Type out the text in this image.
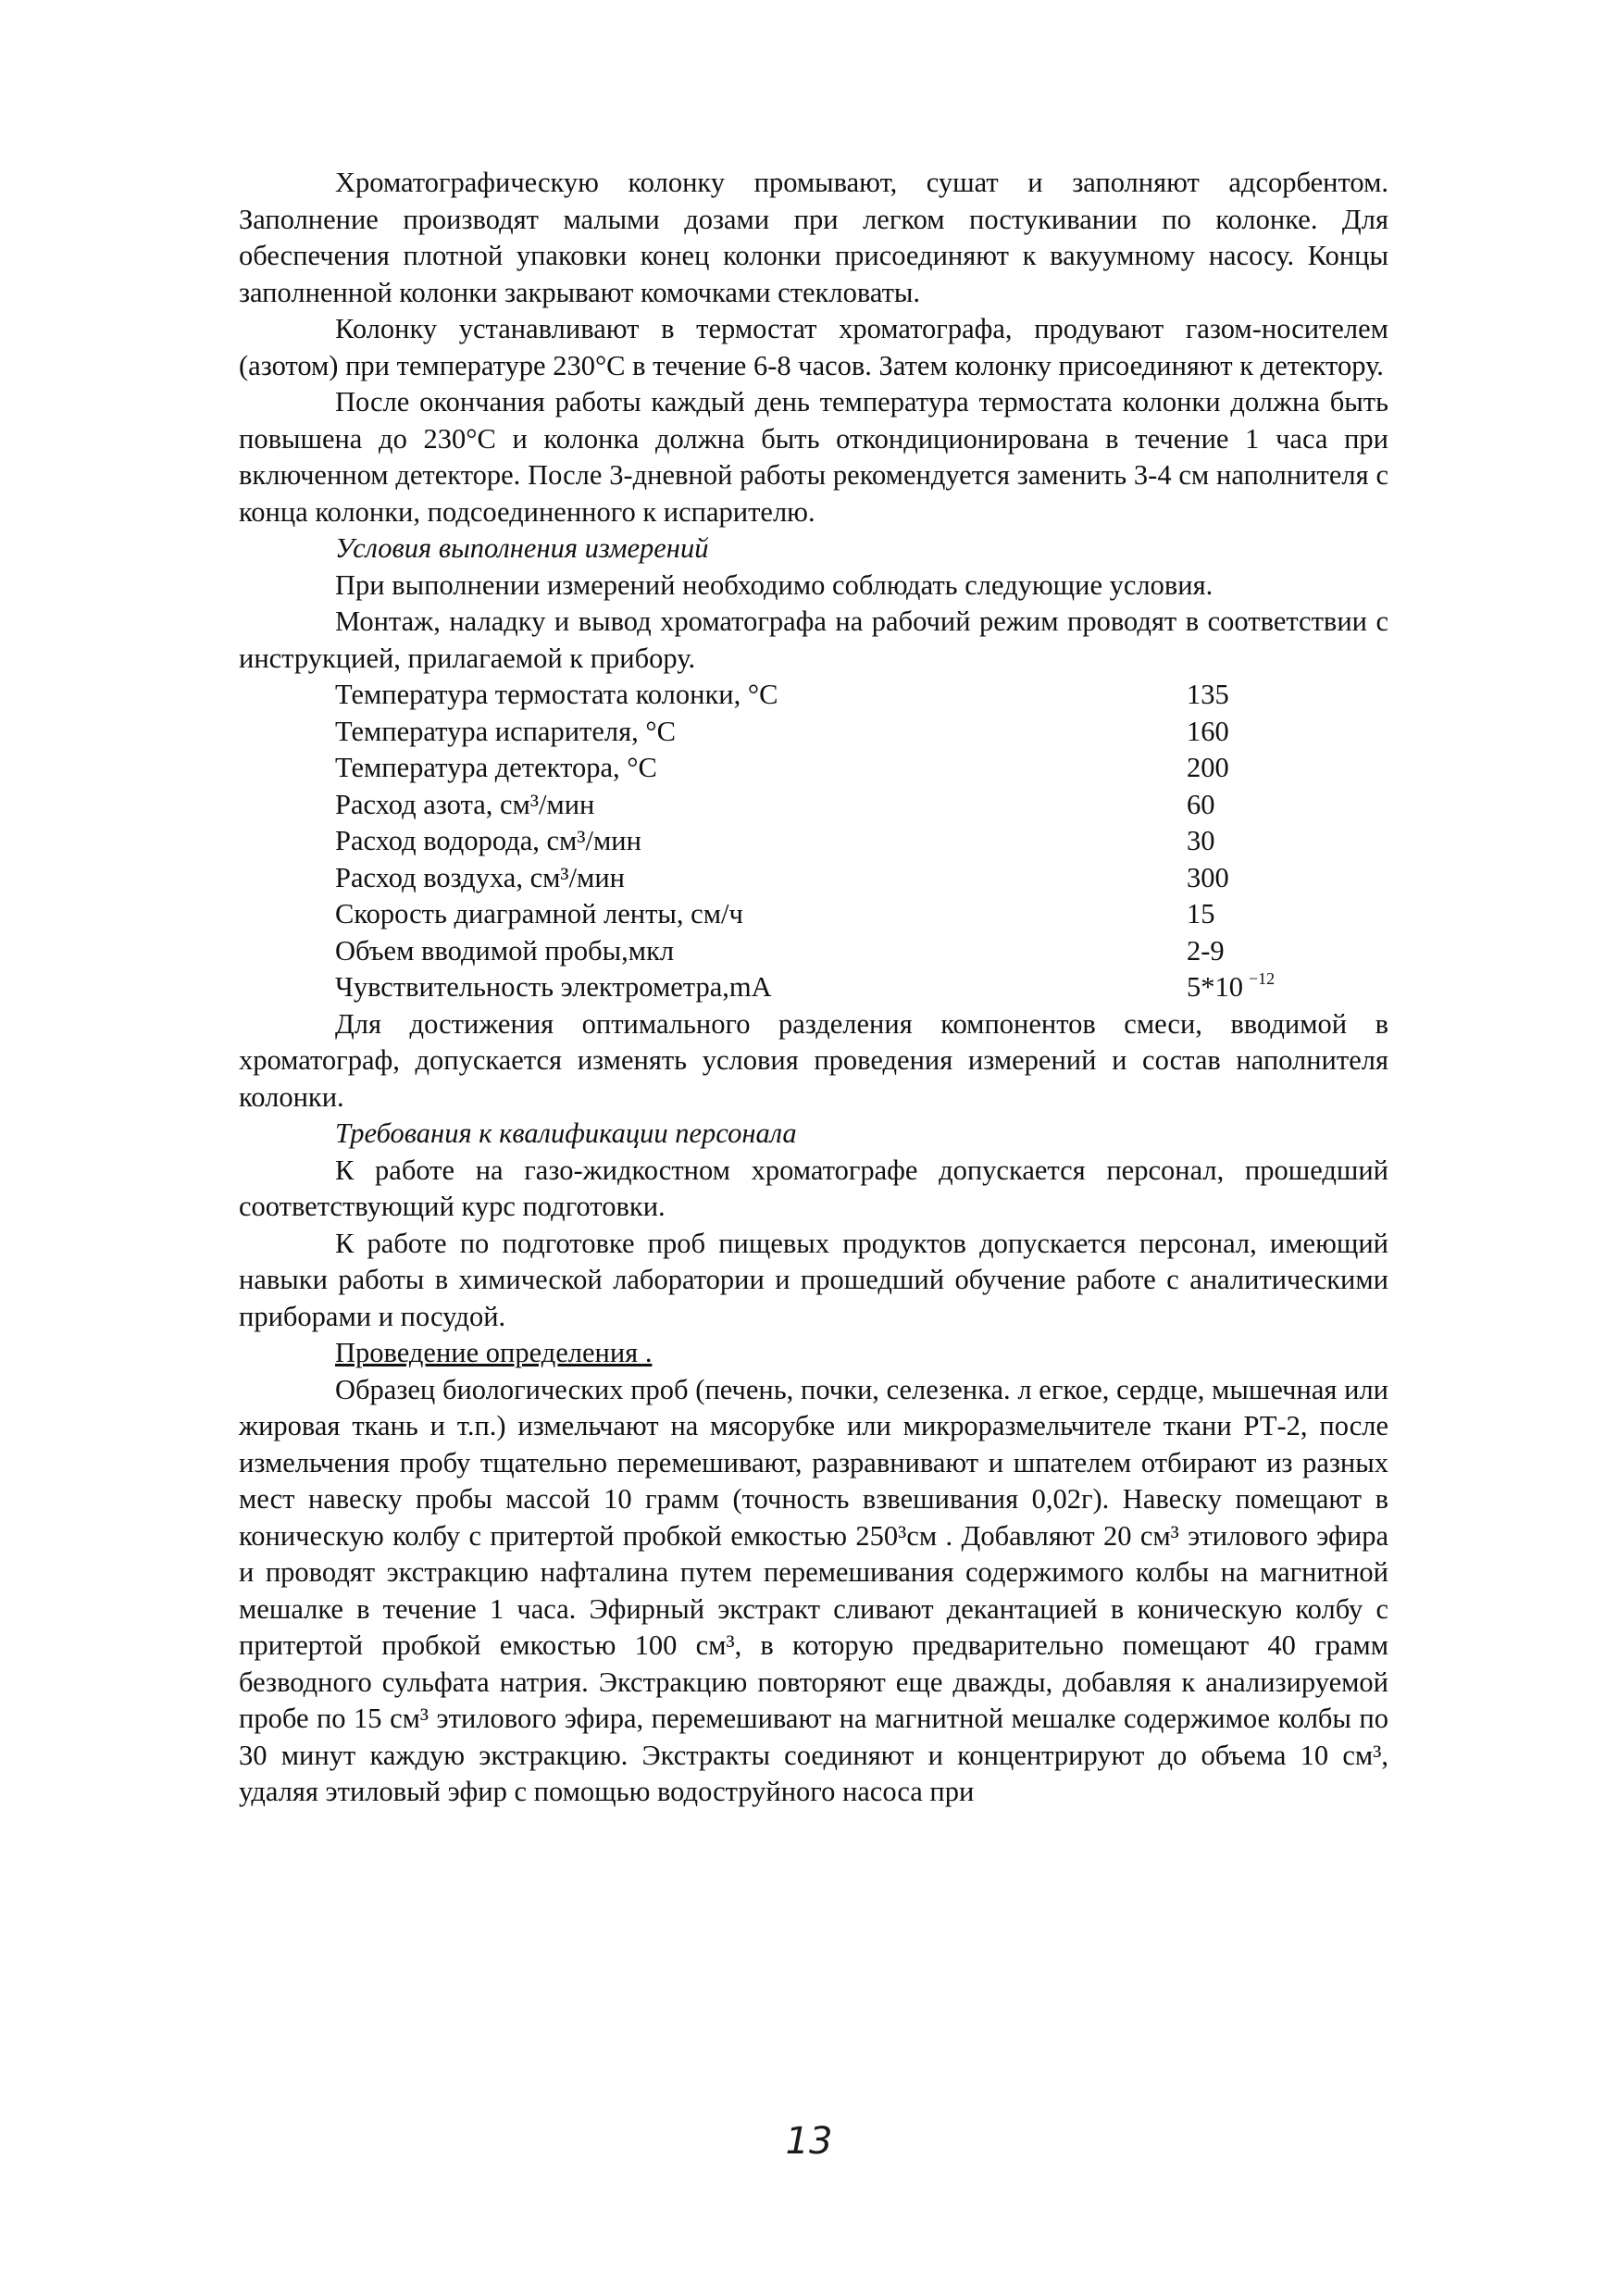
Хроматографическую колонку промывают, сушат и заполняют адсорбентом. Заполнение производят малыми дозами при легком постукивании по колонке. Для обеспечения плотной упаковки конец колонки присоединяют к вакуумному насосу. Концы заполненной колонки закрывают комочками стекловаты.

Колонку устанавливают в термостат хроматографа, продувают газом-носителем (азотом) при температуре 230°С в течение 6-8 часов. Затем колонку присоединяют к детектору.

После окончания работы каждый день температура термостата колонки должна быть повышена до 230°С и колонка должна быть откондиционирована в течение 1 часа при включенном детекторе. После 3-дневной работы рекомендуется заменить 3-4 см наполнителя с конца колонки, подсоединенного к испарителю.

Условия выполнения измерений

При выполнении измерений необходимо соблюдать следующие условия.

Монтаж, наладку и вывод хроматографа на рабочий режим проводят в соответствии с инструкцией, прилагаемой к прибору.

Температура термостата колонки, °С	135
Температура испарителя, °С	160
Температура детектора, °С	200
Расход азота, см³/мин	60
Расход водорода, см³/мин	30
Расход воздуха, см³/мин	300
Скорость диаграмной ленты, см/ч	15
Объем вводимой пробы,мкл	2-9
Чувствительность электрометра,mA	5*10 $^{-12}$

Для достижения оптимального разделения компонентов смеси, вводимой в хроматограф, допускается изменять условия проведения измерений и состав наполнителя колонки.

Требования к квалификации персонала

К работе на газо-жидкостном хроматографе допускается персонал, прошедший соответствующий курс подготовки.

К работе по подготовке проб пищевых продуктов допускается персонал, имеющий навыки работы в химической лаборатории и прошедший обучение работе с аналитическими приборами и посудой.

Проведение определения .

Образец биологических проб (печень, почки, селезенка. л егкое, сердце, мышечная или жировая ткань и т.п.) измельчают на мясорубке или микроразмельчителе ткани РТ-2, после измельчения пробу тщательно перемешивают, разравнивают и шпателем отбирают из разных мест навеску пробы массой 10 грамм (точность взвешивания 0,02г). Навеску помещают в коническую колбу с притертой пробкой емкостью 250³см . Добавляют 20 см³ этилового эфира и проводят экстракцию нафталина путем перемешивания содержимого колбы на магнитной мешалке в течение 1 часа. Эфирный экстракт сливают декантацией в коническую колбу с притертой пробкой емкостью 100 см³, в которую предварительно помещают 40 грамм безводного сульфата натрия. Экстракцию повторяют еще дважды, добавляя к анализируемой пробе по 15 см³ этилового эфира, перемешивают на магнитной мешалке содержимое колбы по 30 минут каждую экстракцию. Экстракты соединяют и концентрируют до объема 10 см³, удаляя этиловый эфир с помощью водоструйного насоса при

13
